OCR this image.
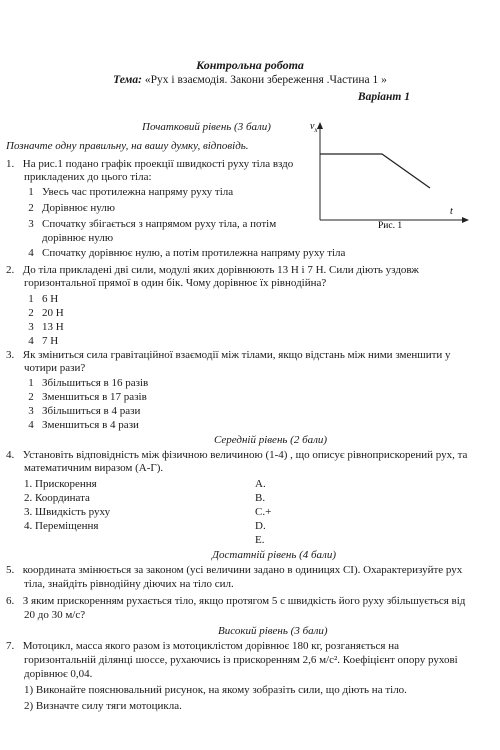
Контрольна робота
Тема: «Рух і взаємодія. Закони збереження .Частина 1 »
Варіант 1
$v_x$
t
Рис. 1
Початковий рівень (3 бали)
Позначте одну правильну, на вашу думку, відповідь.
1. На рис.1 подано графік проекції швидкості руху тіла вздо
прикладених до цього тіла:
1 Увесь час протилежна напряму руху тіла
2 Дорівнює нулю
3 Спочатку збігається з напрямом руху тіла, а потім
дорівнює нулю
4 Спочатку дорівнює нулю, а потім протилежна напряму руху тіла
2. До тіла прикладені дві сили, модулі яких дорівнюють 13 Н і 7 Н. Сили діють уздовж
горизонтальної прямої в один бік. Чому дорівнює їх рівнодійна?
1 6 Н
2 20 Н
3 13 Н
4 7 Н
3. Як зміниться сила гравітаційної взаємодії між тілами, якщо відстань між ними зменшити у
чотири рази?
1 Збільшиться в 16 разів
2 Зменшиться в 17 разів
3 Збільшиться в 4 рази
4 Зменшиться в 4 рази
Середній рівень (2 бали)
4. Установіть відповідність між фізичною величиною (1-4) , що описує рівноприскорений рух, та
математичним виразом (А-Г).
1. Прискорення
2. Координата
3. Швидкість руху
4. Переміщення
A.
B.
C.+
D.
E.
Достатній рівень (4 бали)
5. координата змінюється за законом (усі величини задано в одиницях СІ). Охарактеризуйте рух
тіла, знайдіть рівнодійну діючих на тіло сил.
6. З яким прискоренням рухається тіло, якщо протягом 5 с швидкість його руху збільшується від
20 до 30 м/с?
Високий рівень (3 бали)
7. Мотоцикл, масса якого разом із мотоциклістом дорівнює 180 кг, розганяється на
горизонтальній ділянці шоссе, рухаючись із прискоренням 2,6 м/с². Коефіцієнт опору рухові
дорівнює 0,04.
1) Виконайте пояснювальний рисунок, на якому зобразіть сили, що діють на тіло.
2) Визначте силу тяги мотоцикла.
